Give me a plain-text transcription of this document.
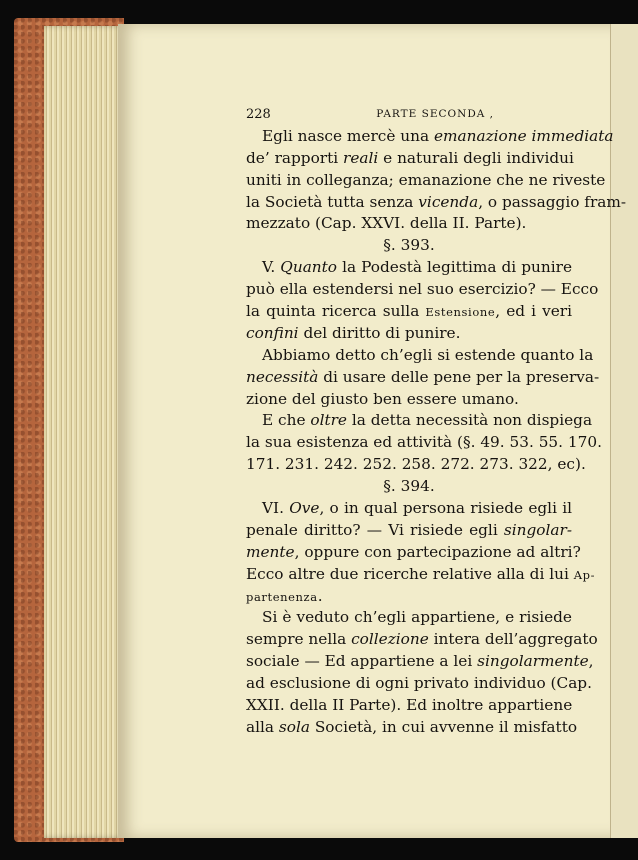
228	PARTE SECONDA ,
Egli nasce mercè una emanazione immediata
de’ rapporti reali e naturali degli individui
uniti in colleganza; emanazione che ne riveste
la Società tutta senza vicenda, o passaggio fram-
mezzato (Cap. XXVI. della II. Parte).
§. 393.
V. Quanto la Podestà legittima di punire
può ella estendersi nel suo esercizio? — Ecco
la quinta ricerca sulla Estensione, ed i veri
confini del diritto di punire.
Abbiamo detto ch’egli si estende quanto la
necessità di usare delle pene per la preserva-
zione del giusto ben essere umano.
E che oltre la detta necessità non dispiega
la sua esistenza ed attività (§. 49. 53. 55. 170.
171. 231. 242. 252. 258. 272. 273. 322, ec).
§. 394.
VI. Ove, o in qual persona risiede egli il
penale diritto? — Vi risiede egli singolar-
mente, oppure con partecipazione ad altri?
Ecco altre due ricerche relative alla di lui Ap-
partenenza.
Si è veduto ch’egli appartiene, e risiede
sempre nella collezione intera dell’aggregato
sociale — Ed appartiene a lei singolarmente,
ad esclusione di ogni privato individuo (Cap.
XXII. della II Parte). Ed inoltre appartiene
alla sola Società, in cui avvenne il misfatto
